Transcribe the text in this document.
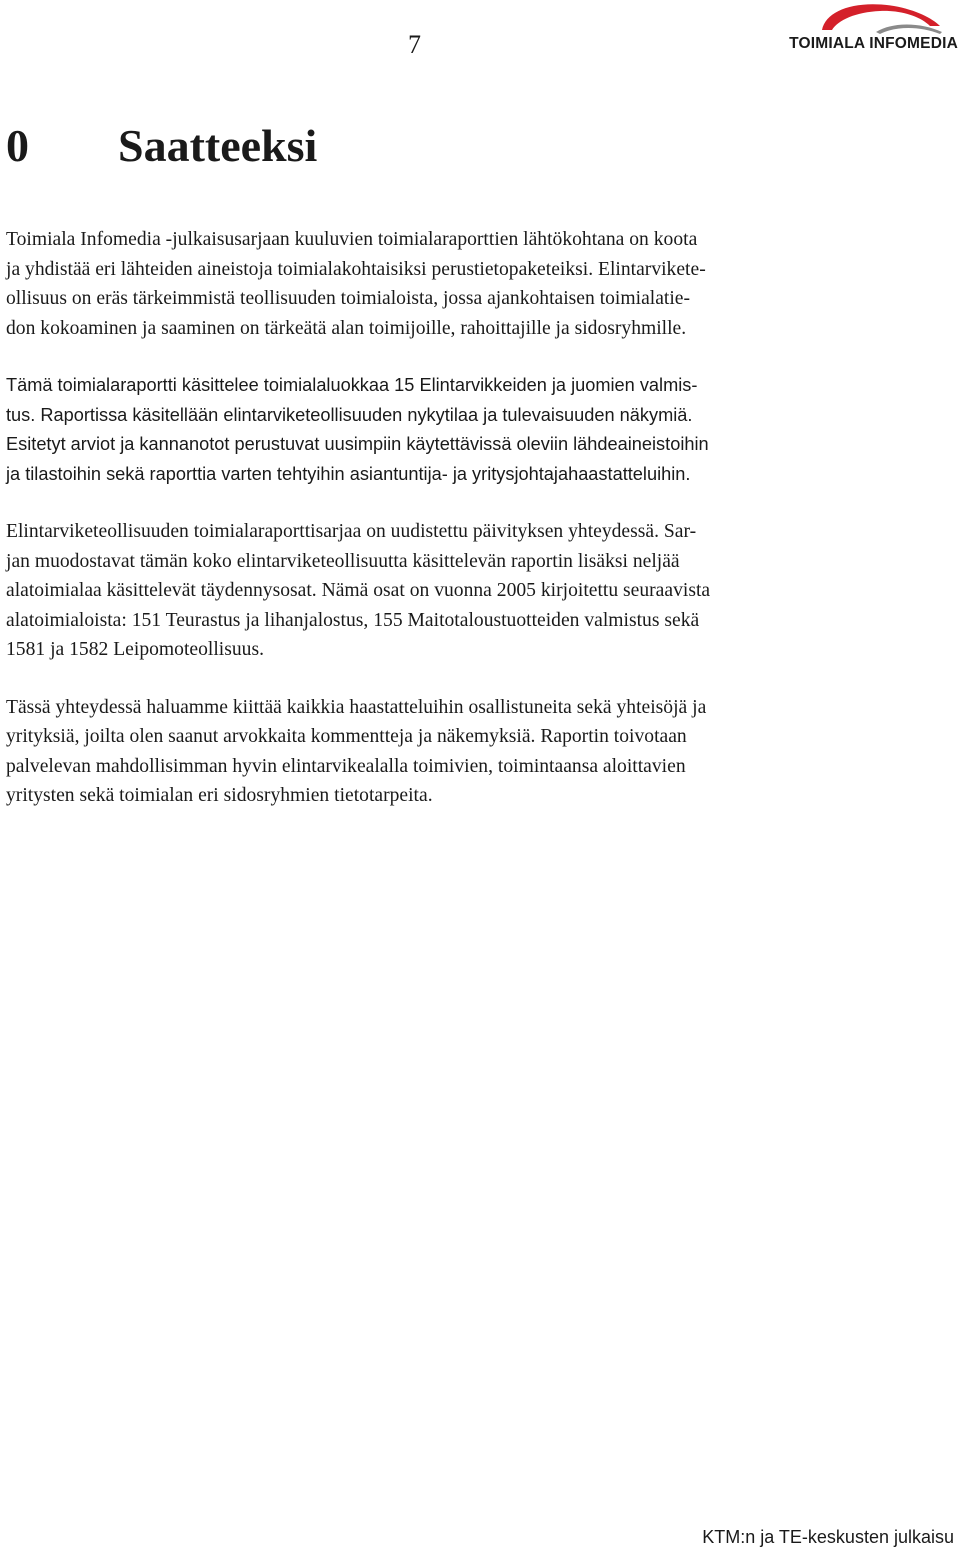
7	TOIMIALA INFOMEDIA
0 Saatteeksi

Toimiala Infomedia -julkaisusarjaan kuuluvien toimialaraporttien lähtökohtana on koota
ja yhdistää eri lähteiden aineistoja toimialakohtaisiksi perustietopaketeiksi. Elintarvikete-
ollisuus on eräs tärkeimmistä teollisuuden toimialoista, jossa ajankohtaisen toimialatie-
don kokoaminen ja saaminen on tärkeätä alan toimijoille, rahoittajille ja sidosryhmille.

Tämä toimialaraportti käsittelee toimialaluokkaa 15 Elintarvikkeiden ja juomien valmis-
tus. Raportissa käsitellään elintarviketeollisuuden nykytilaa ja tulevaisuuden näkymiä.
Esitetyt arviot ja kannanotot perustuvat uusimpiin käytettävissä oleviin lähdeaineistoihin
ja tilastoihin sekä raporttia varten tehtyihin asiantuntija- ja yritysjohtajahaastatteluihin.

Elintarviketeollisuuden toimialaraporttisarjaa on uudistettu päivityksen yhteydessä. Sar-
jan muodostavat tämän koko elintarviketeollisuutta käsittelevän raportin lisäksi neljää
alatoimialaa käsittelevät täydennysosat. Nämä osat on vuonna 2005 kirjoitettu seuraavista
alatoimialoista: 151 Teurastus ja lihanjalostus, 155 Maitotaloustuotteiden valmistus sekä
1581 ja 1582 Leipomoteollisuus.

Tässä yhteydessä haluamme kiittää kaikkia haastatteluihin osallistuneita sekä yhteisöjä ja
yrityksiä, joilta olen saanut arvokkaita kommentteja ja näkemyksiä. Raportin toivotaan
palvelevan mahdollisimman hyvin elintarvikealalla toimivien, toimintaansa aloittavien
yritysten sekä toimialan eri sidosryhmien tietotarpeita.

KTM:n ja TE-keskusten julkaisu
